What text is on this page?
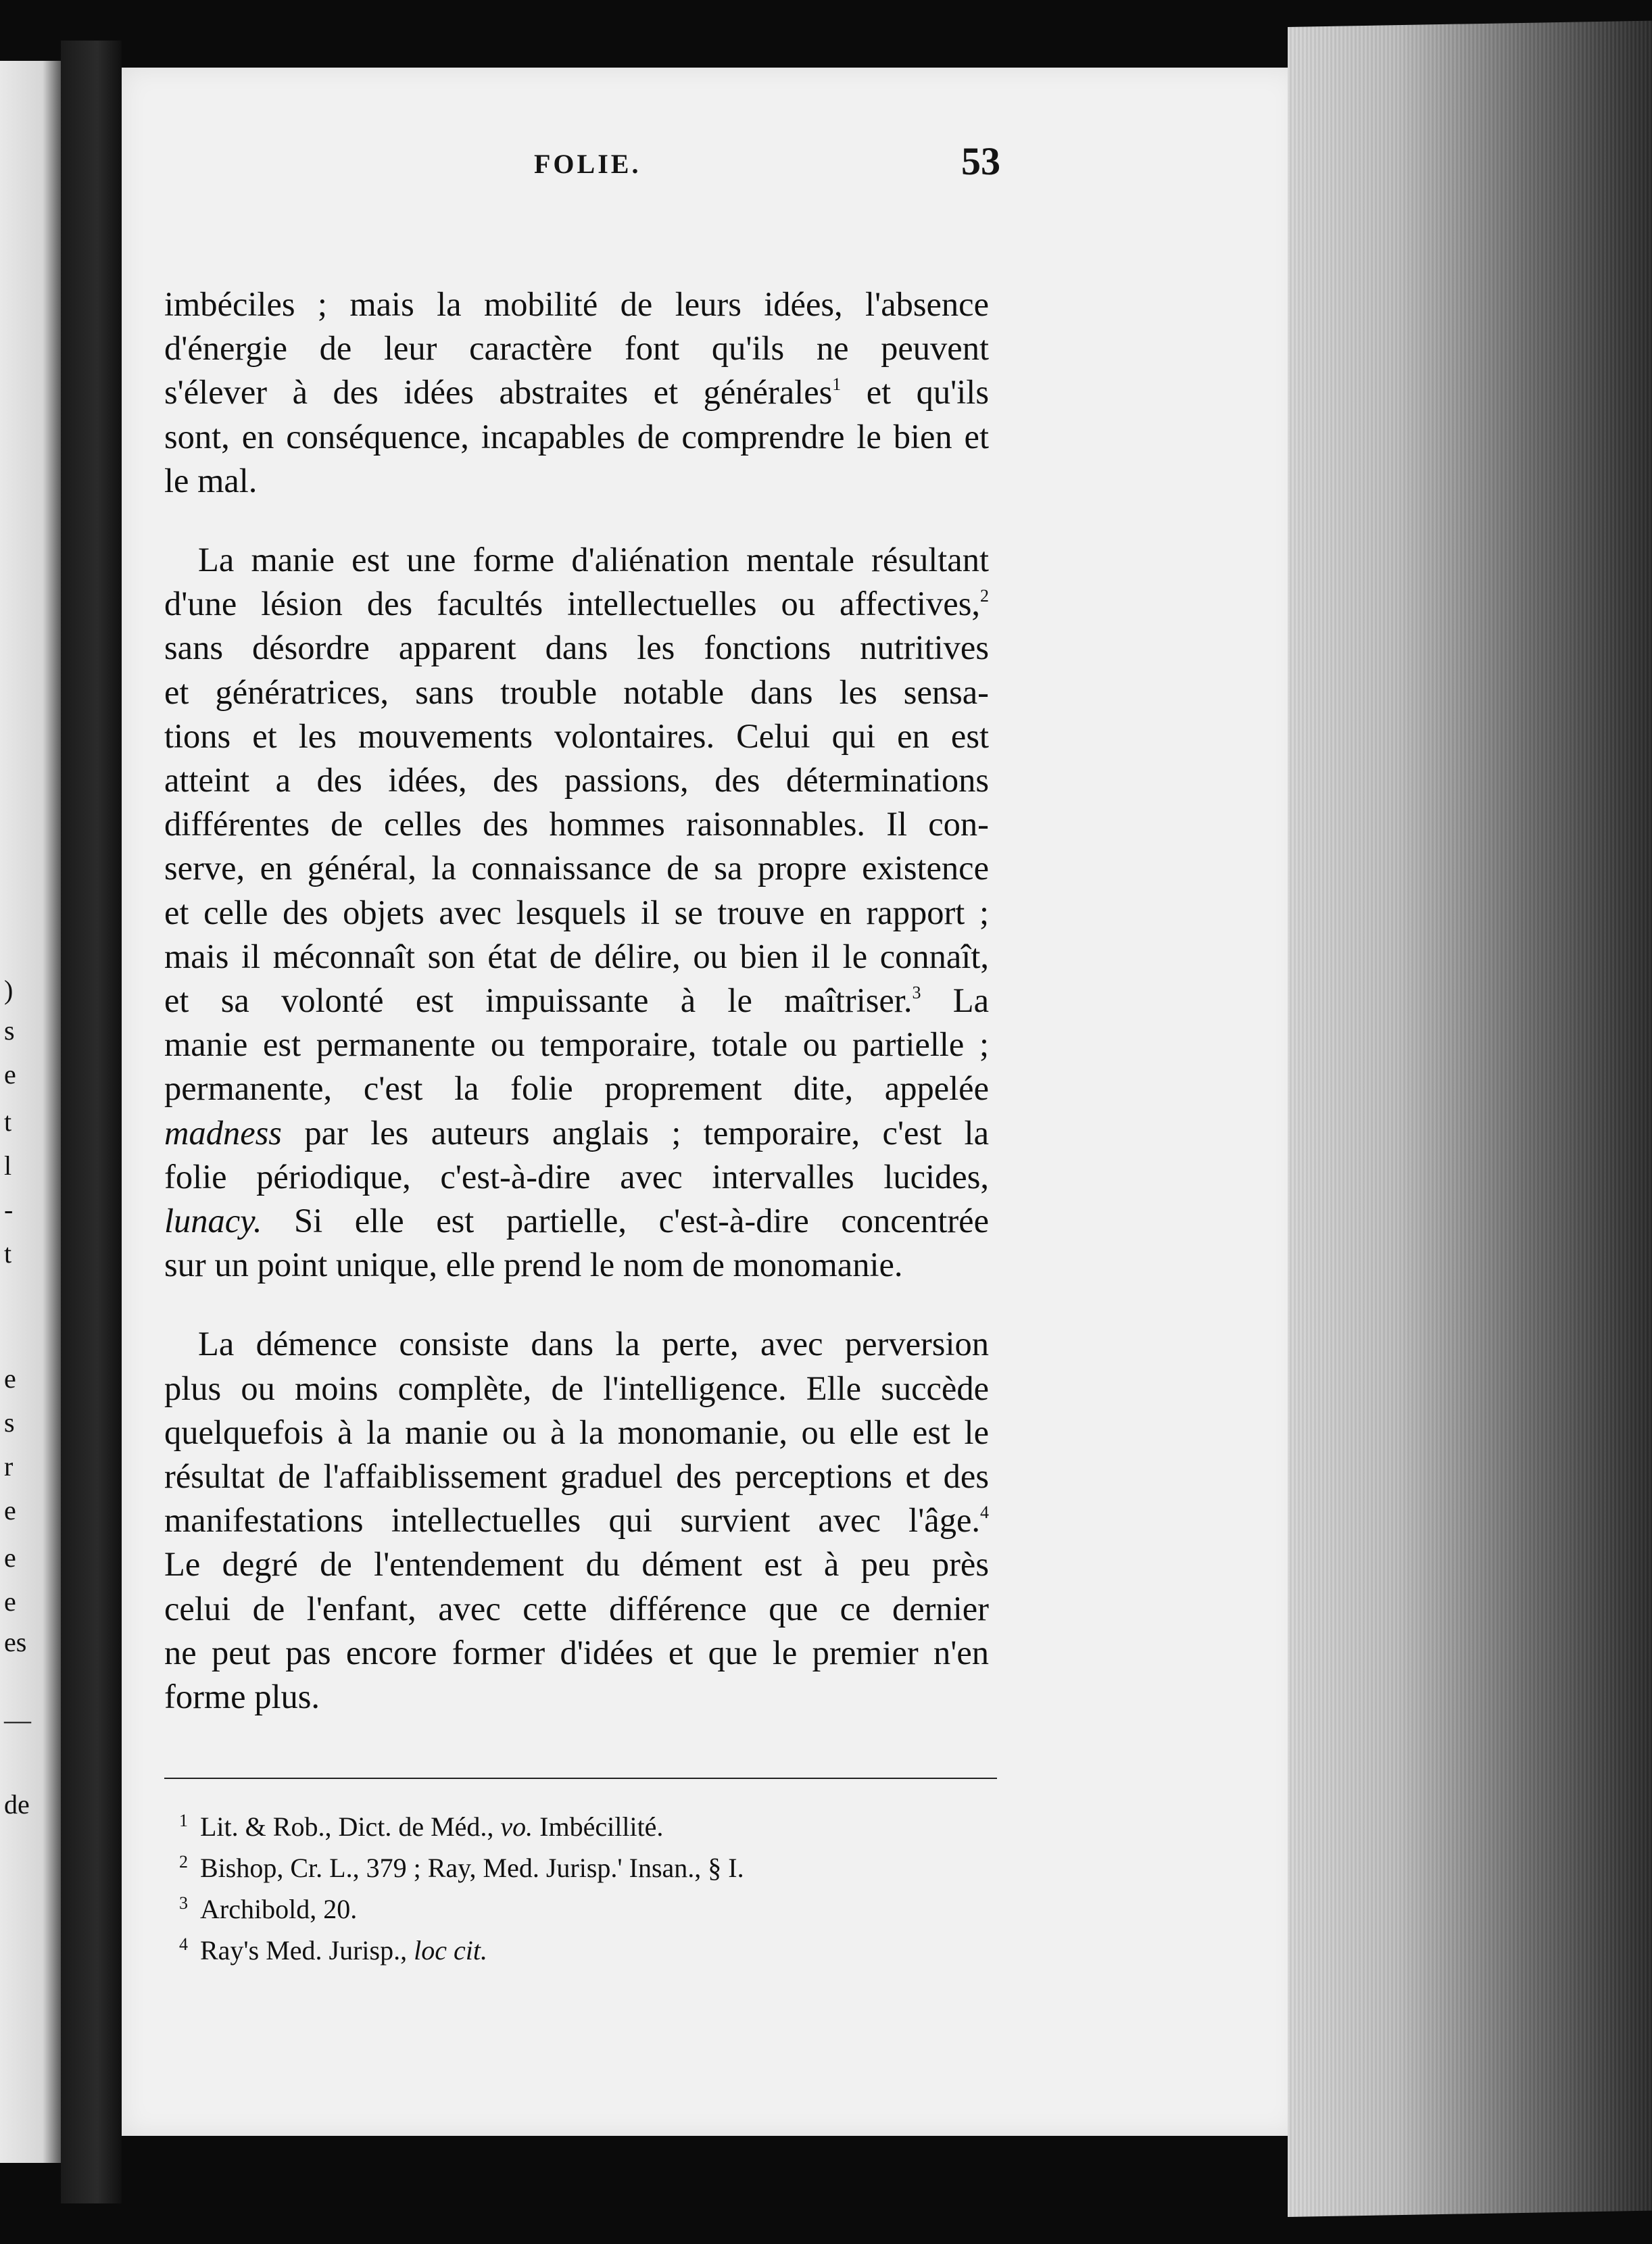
)
s
e
t
l
-
t
e
s
r
e
e
e
es
—
de
FOLIE.	53

imbéciles ; mais la mobilité de leurs idées, l'absence
d'énergie de leur caractère font qu'ils ne peuvent
s'élever à des idées abstraites et générales$^1$ et qu'ils
sont, en conséquence, incapables de comprendre le bien et
le mal.

La manie est une forme d'aliénation mentale résultant
d'une lésion des facultés intellectuelles ou affectives,$^2$
sans désordre apparent dans les fonctions nutritives
et génératrices, sans trouble notable dans les sensa-
tions et les mouvements volontaires. Celui qui en est
atteint a des idées, des passions, des déterminations
différentes de celles des hommes raisonnables. Il con-
serve, en général, la connaissance de sa propre existence
et celle des objets avec lesquels il se trouve en rapport ;
mais il méconnaît son état de délire, ou bien il le connaît,
et sa volonté est impuissante à le maîtriser.$^3$ La
manie est permanente ou temporaire, totale ou partielle ;
permanente, c'est la folie proprement dite, appelée
madness par les auteurs anglais ; temporaire, c'est la
folie périodique, c'est-à-dire avec intervalles lucides,
lunacy. Si elle est partielle, c'est-à-dire concentrée
sur un point unique, elle prend le nom de monomanie.

La démence consiste dans la perte, avec perversion
plus ou moins complète, de l'intelligence. Elle succède
quelquefois à la manie ou à la monomanie, ou elle est le
résultat de l'affaiblissement graduel des perceptions et des
manifestations intellectuelles qui survient avec l'âge.$^4$
Le degré de l'entendement du dément est à peu près
celui de l'enfant, avec cette différence que ce dernier
ne peut pas encore former d'idées et que le premier n'en
forme plus.

$^1$ Lit. & Rob., Dict. de Méd., vo. Imbécillité.
$^2$ Bishop, Cr. L., 379 ; Ray, Med. Jurisp.' Insan., § I.
$^3$ Archibold, 20.
$^4$ Ray's Med. Jurisp., loc cit.
